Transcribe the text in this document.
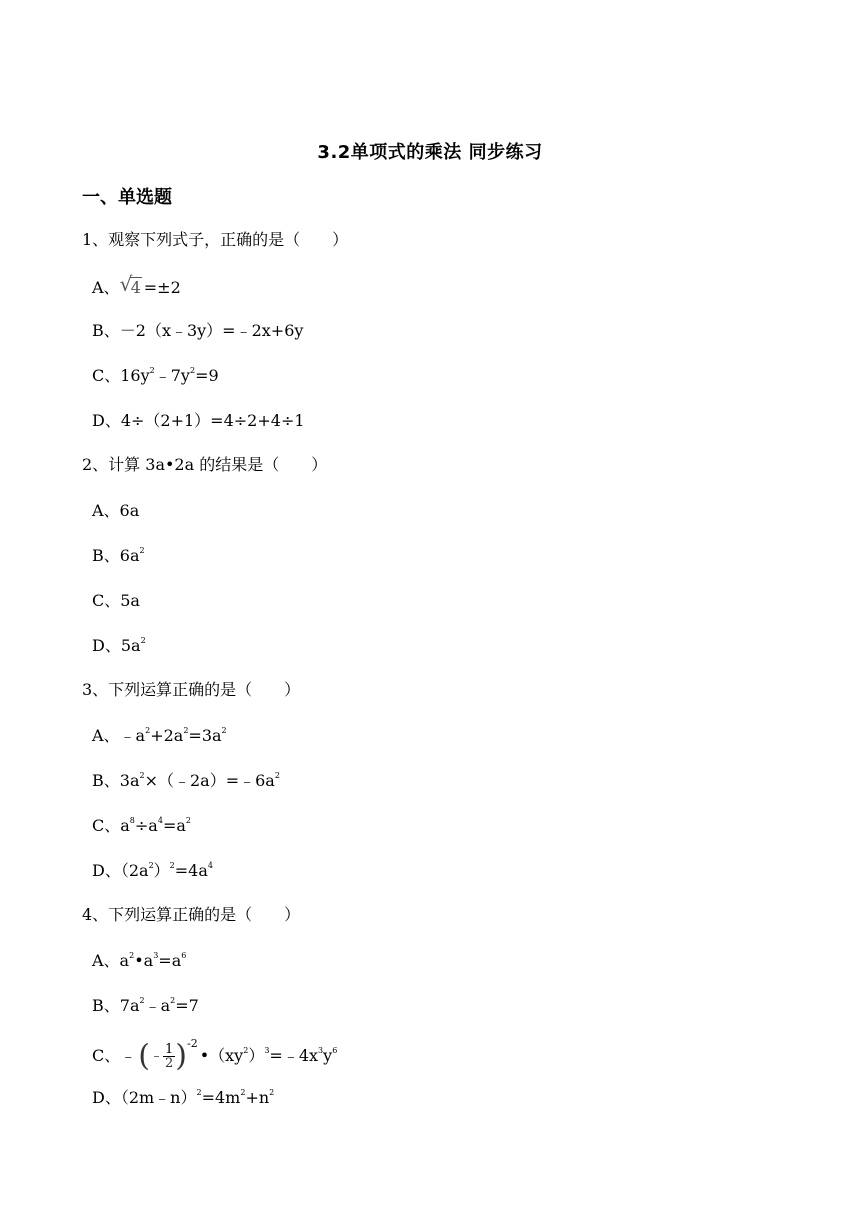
3.2单项式的乘法 同步练习
一、单选题
1、观察下列式子，正确的是（　　）
A、 √
4 =±2
B、－2（x﹣3y）=﹣2x+6y
C、$16y^2﹣7y^2=9$
D、4÷（2+1）=4÷2+4÷1
2、计算 3a•2a 的结果是（　　）
A、6a
B、$6a^2$
C、5a
D、$5a^2$
3、下列运算正确的是（　　）
A、$﹣a^2+2a^2=3a^2$
B、$3a^2\times(﹣2a)=﹣6a^2$
C、$a^8\div a^4=a^2$
D、$(2a^2)^2=4a^4$
4、下列运算正确的是（　　）
A、$a^2•a^3=a^6$
B、$7a^2﹣a^2=7$
C、﹣(﹣ $\frac{1}{2}$ )$^{-2}•(xy^2)^3=﹣4x^3y^6$
D、$(2m﹣n)^2=4m^2+n^2$
